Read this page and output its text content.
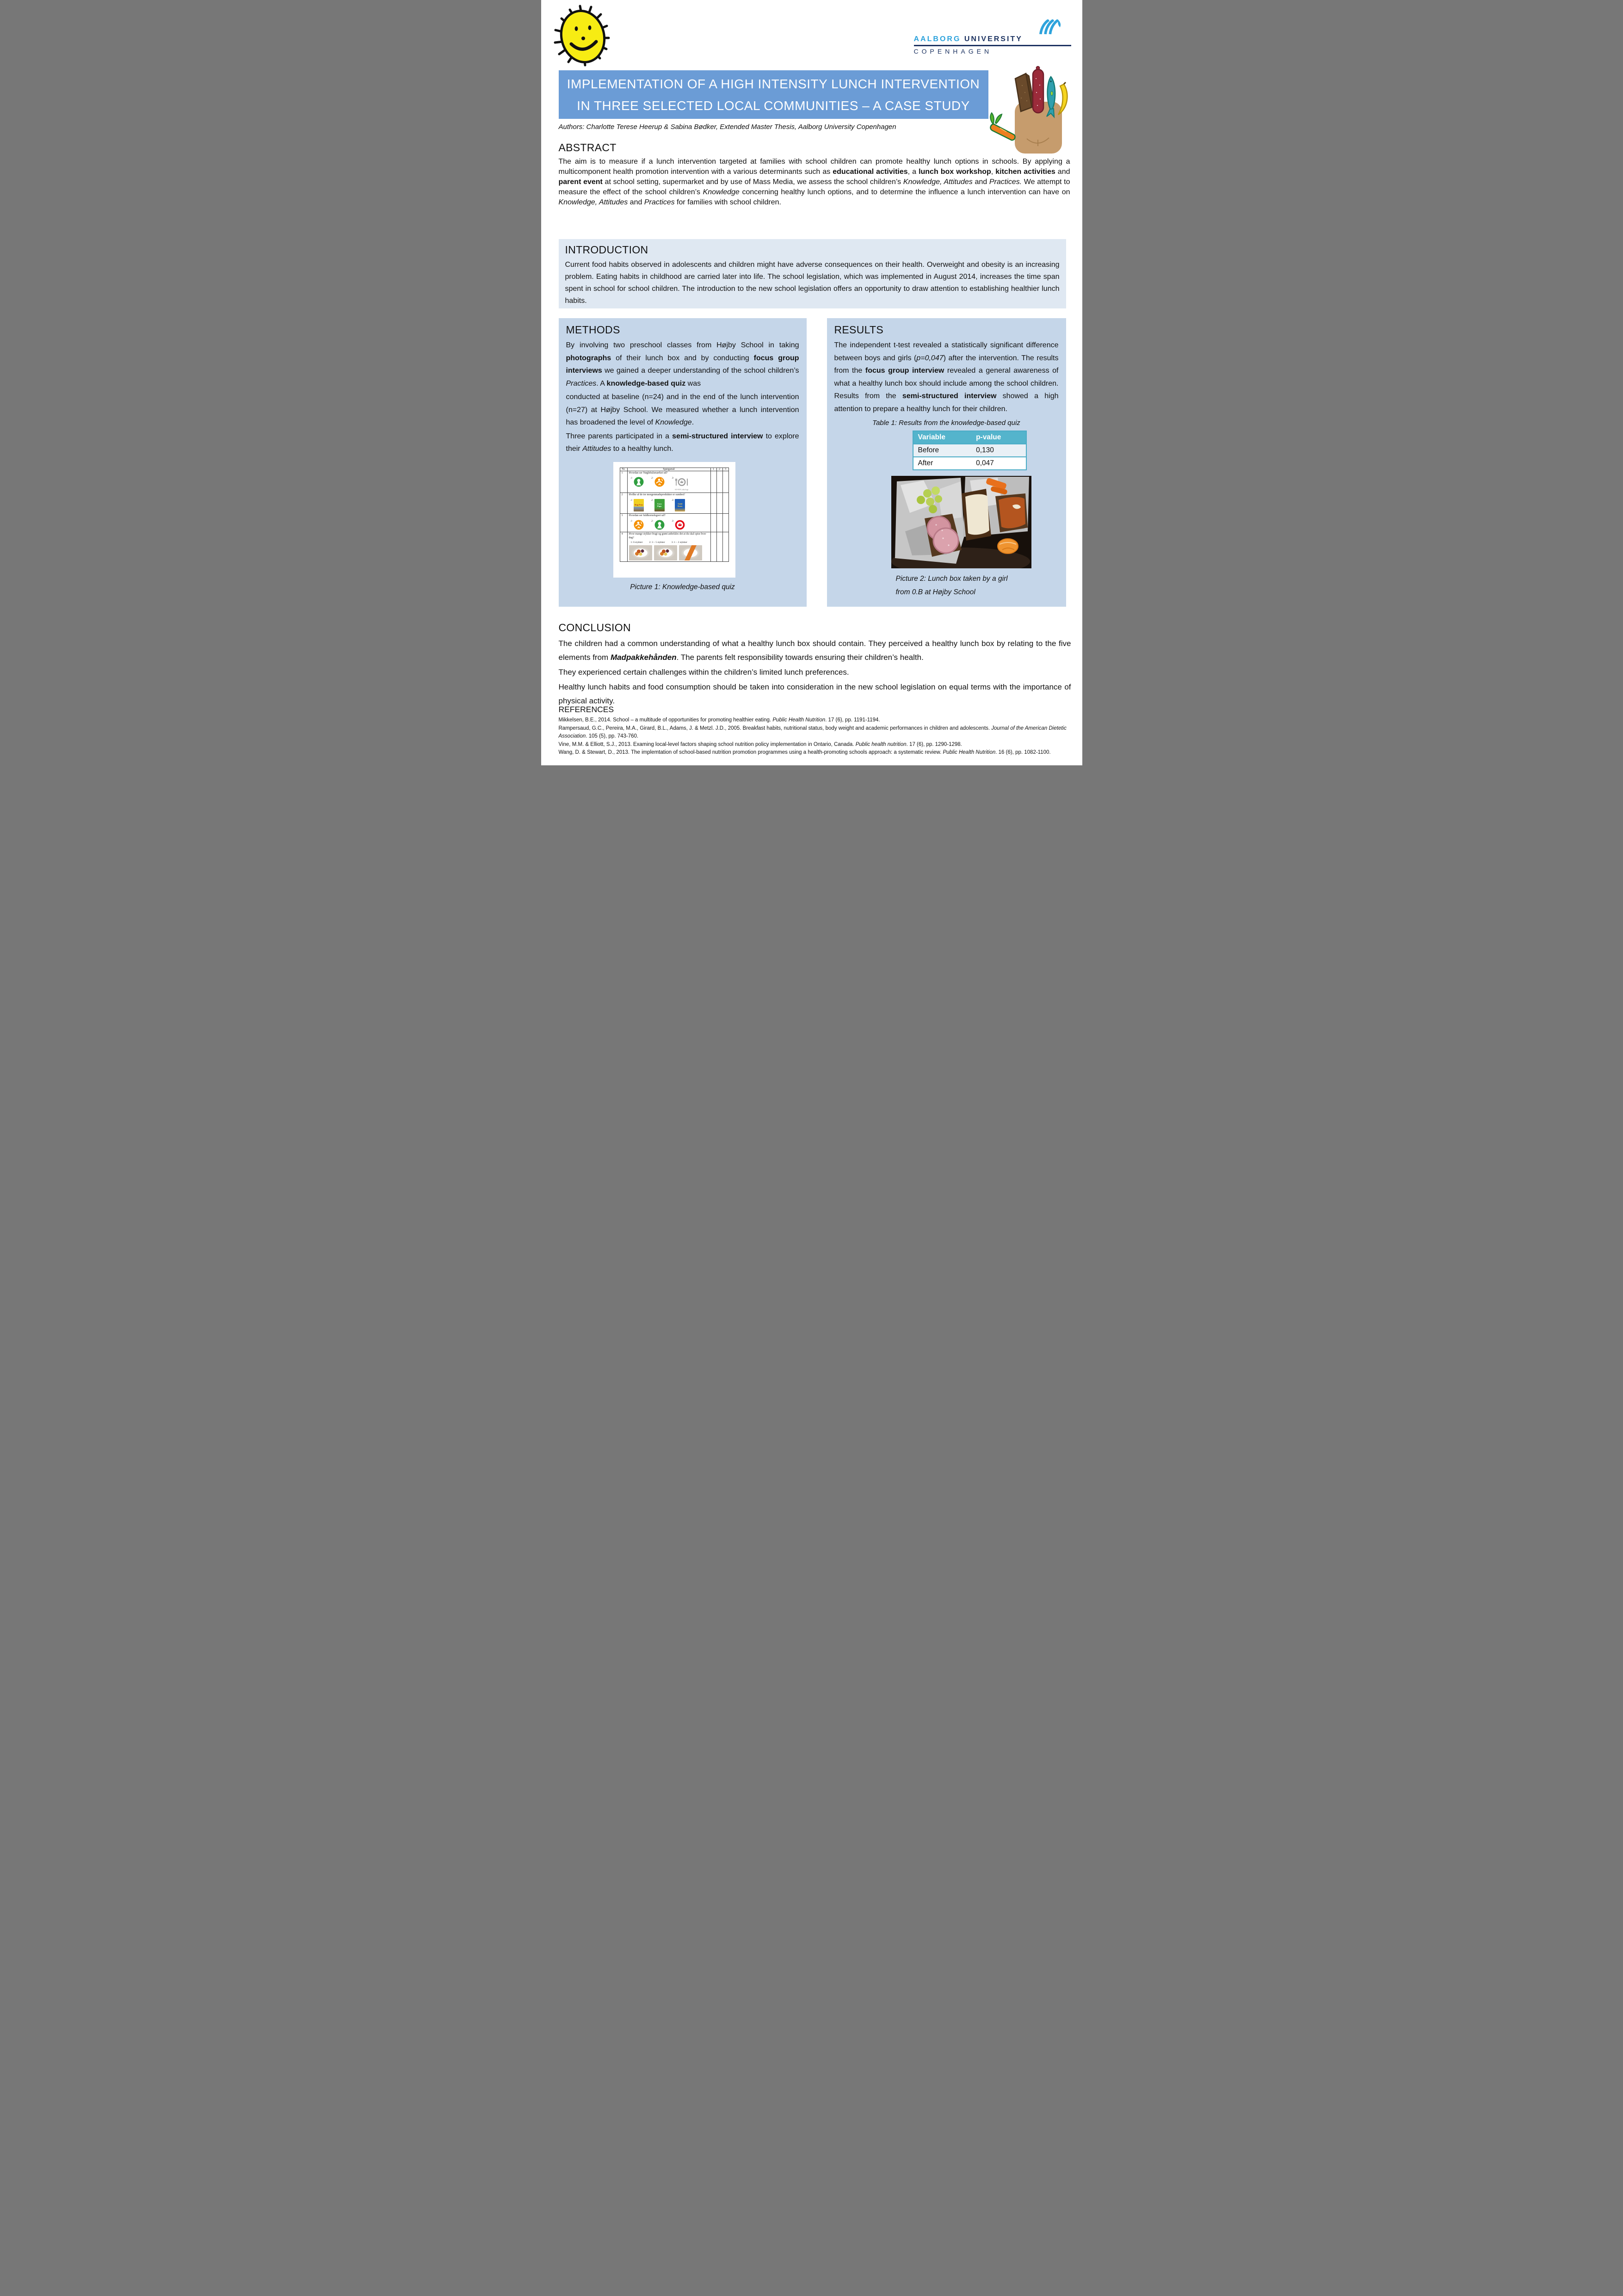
AALBORG UNIVERSITY
COPENHAGEN
IMPLEMENTATION OF A HIGH INTENSITY LUNCH INTERVENTION
IN THREE SELECTED LOCAL COMMUNITIES – A CASE STUDY
Authors: Charlotte Terese Heerup & Sabina Bødker, Extended Master Thesis, Aalborg University Copenhagen
ABSTRACT

The aim is to measure if a lunch intervention targeted at families with school children can promote healthy lunch options in schools. By applying a multicomponent health promotion intervention with a various determinants such as educational activities, a lunch box workshop, kitchen activities and parent event at school setting, supermarket and by use of Mass Media, we assess the school children’s Knowledge, Attitudes and Practices. We attempt to measure the effect of the school children’s Knowledge concerning healthy lunch options, and to determine the influence a lunch intervention can have on Knowledge, Attitudes and Practices for families with school children.

INTRODUCTION

Current food habits observed in adolescents and children might have adverse consequences on their health. Overweight and obesity is an increasing problem. Eating habits in childhood are carried later into life. The school legislation, which was implemented in August 2014, increases the time span spent in school for school children. The introduction to the new school legislation offers an opportunity to draw attention to establishing healthier lunch habits.

METHODS

By involving two preschool classes from Højby School in taking photographs of their lunch box and by conducting focus group interviews we gained a deeper understanding of the school children’s Practices. A knowledge-based quiz was

conducted at baseline (n=24) and in the end of the lunch intervention (n=27) at Højby School. We measured whether a lunch intervention has broadened the level of Knowledge.

Three parents participated in a semi-structured interview to explore their Attitudes to a healthy lunch.

Nr.	Spørgsmål	1	2	3
1	Hvordan ser Nøglehulsmærket ud?
1: 2: 3:
60-90% økologi			

2	Hvilke af de tre morgenmadsprodukter er sundest?
1:
Rug Fras
2:
Coco Pops
3:
Guld Korn

3	Hvordan ser fuldkornslogoet ud?
1: 2: 3:			

4	Hvor mange stykker frugt og grønt anbefales det at du skal spise hver dag?
1: 6 stykker 2: 3 – 5 stykker 3: 1 – 2 stykker			

Picture 1: Knowledge-based quiz
RESULTS

The independent t-test revealed a statistically significant difference between boys and girls (p=0,047) after the intervention. The results from the focus group interview revealed a general awareness of what a healthy lunch box should include among the school children. Results from the semi-structured interview showed a high attention to prepare a healthy lunch for their children.

Table 1: Results from the knowledge-based quiz
Variable	p-value
Before	0,130
After	0,047
Picture 2: Lunch box taken by a girl
from 0.B at Højby School
CONCLUSION

The children had a common understanding of what a healthy lunch box should contain. They perceived a healthy lunch box by relating to the five elements from Madpakkehånden. The parents felt responsibility towards ensuring their children’s health.

They experienced certain challenges within the children’s limited lunch preferences.

Healthy lunch habits and food consumption should be taken into consideration in the new school legislation on equal terms with the importance of physical activity.

REFERENCES

Mikkelsen, B.E., 2014. School – a multitude of opportunities for promoting healthier eating. Public Health Nutrition. 17 (6), pp. 1191-1194.

Rampersaud, G.C., Pereira, M.A., Girard, B.L., Adams, J. & Metzl. J.D., 2005. Breakfast habits, nutritional status, body weight and academic performances in children and adolescents. Journal of the American Dietetic Association. 105 (5), pp. 743-760.

Vine, M.M. & Elliott, S.J., 2013. Examing local-level factors shaping school nutrition policy implementation in Ontario, Canada. Public health nutrition. 17 (6), pp. 1290-1298.

Wang, D. & Stewart, D., 2013. The implemtation of school-based nutrition promotion programmes using a health-promoting schools approach: a systematic review. Public Health Nutrition. 16 (6), pp. 1082-1100.
